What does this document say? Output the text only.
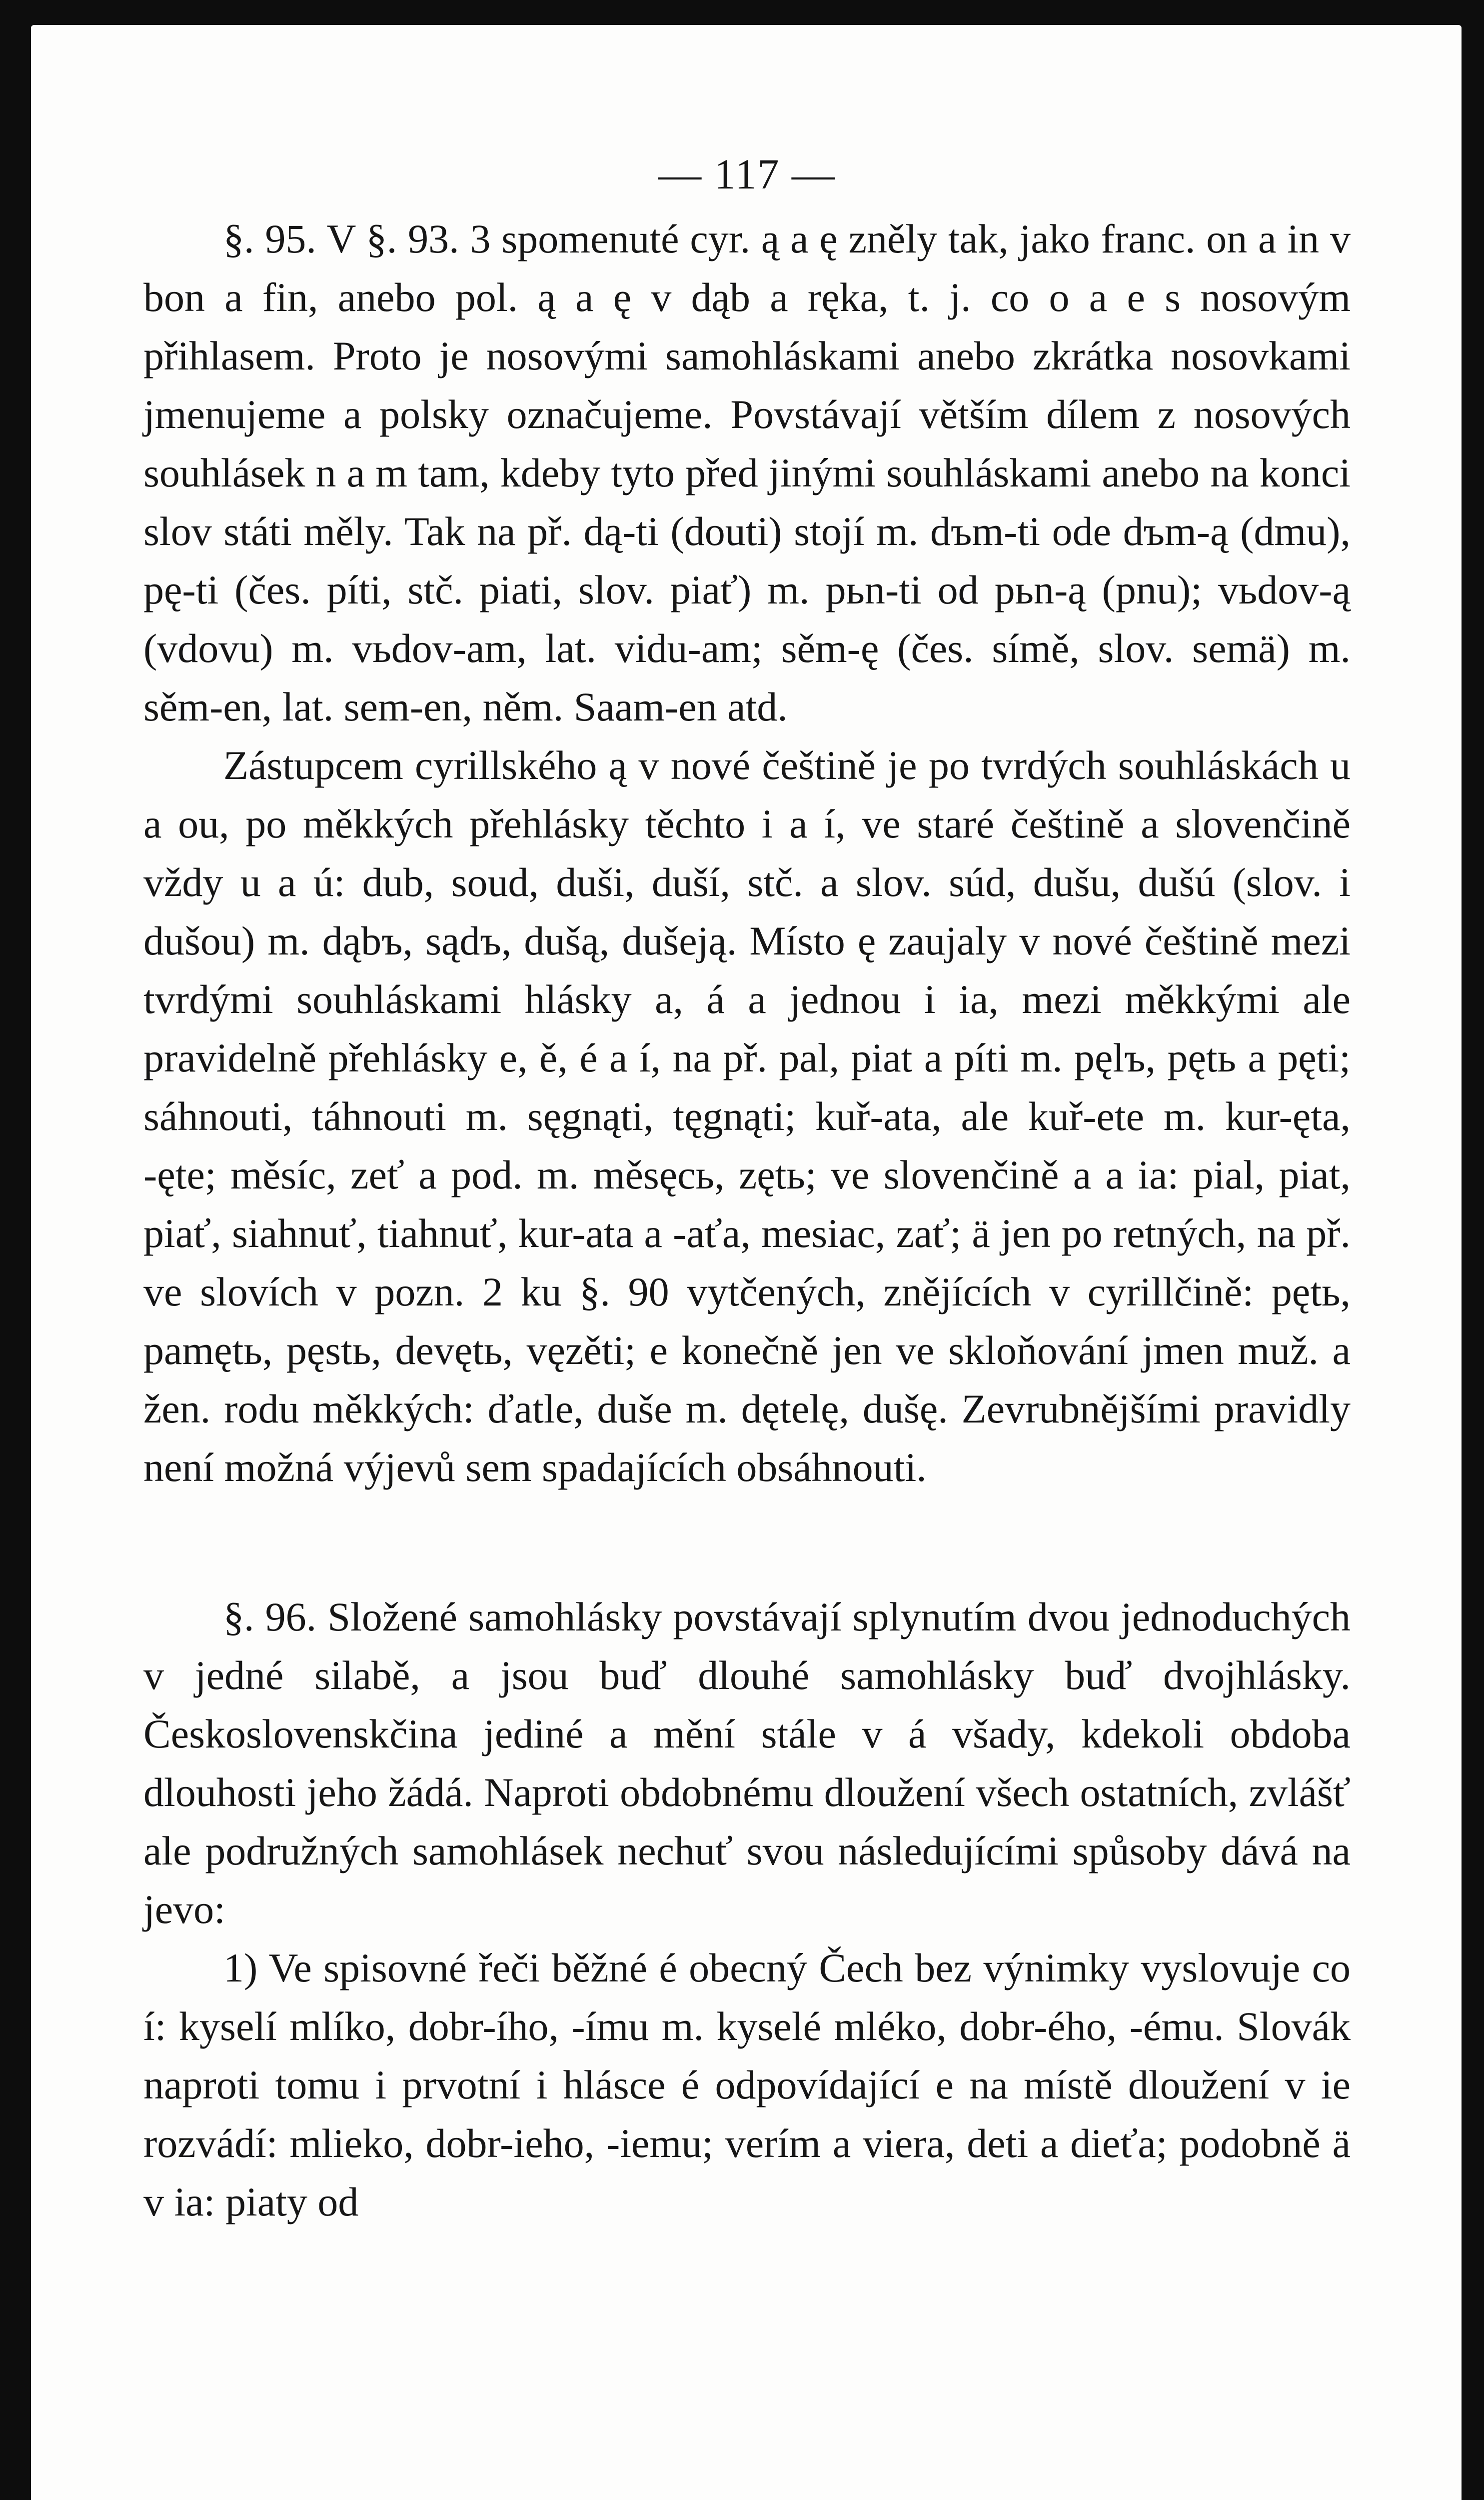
— 117 —

§. 95. V §. 93. 3 spomenuté cyr. ą a ę zněly tak, jako franc. on a in v bon a fin, anebo pol. ą a ę v dąb a ręka, t. j. co o a e s nosovým přihlasem. Proto je nosovými samohláskami anebo zkrátka nosovkami jmenujeme a polsky označujeme. Povstávají větším dílem z nosových souhlásek n a m tam, kdeby tyto před jinými souhláskami anebo na konci slov státi měly. Tak na př. dą-ti (douti) stojí m. dъm-ti ode dъm-ą (dmu), pę-ti (čes. píti, stč. piati, slov. piať) m. pьn-ti od pьn-ą (pnu); vьdov-ą (vdovu) m. vьdov-am, lat. vidu-am; sěm-ę (čes. símě, slov. semä) m. sěm-en, lat. sem-en, něm. Saam-en atd.

Zástupcem cyrillského ą v nové češtině je po tvrdých souhláskách u a ou, po měkkých přehlásky těchto i a í, ve staré češtině a slovenčině vždy u a ú: dub, soud, duši, duší, stč. a slov. súd, dušu, dušú (slov. i dušou) m. dąbъ, sądъ, dušą, dušeją. Místo ę zaujaly v nové češtině mezi tvrdými souhláskami hlásky a, á a jednou i ia, mezi měkkými ale pravidelně přehlásky e, ě, é a í, na př. pal, piat a píti m. pęlъ, pętь a pęti; sáhnouti, táhnouti m. sęgnąti, tęgnąti; kuř-ata, ale kuř-ete m. kur-ęta, -ęte; měsíc, zeť a pod. m. měsęcь, zętь; ve slovenčině a a ia: pial, piat, piať, siahnuť, tiahnuť, kur-ata a -aťa, mesiac, zať; ä jen po retných, na př. ve slovích v pozn. 2 ku §. 90 vytčených, znějících v cyrillčině: pętь, pamętь, pęstь, devętь, vęzěti; e konečně jen ve skloňování jmen muž. a žen. rodu měkkých: ďatle, duše m. dętelę, dušę. Zevrubnějšími pravidly není možná výjevů sem spadajících obsáhnouti.

§. 96. Složené samohlásky povstávají splynutím dvou jednoduchých v jedné silabě, a jsou buď dlouhé samohlásky buď dvojhlásky. Československčina jediné a mění stále v á všady, kdekoli obdoba dlouhosti jeho žádá. Naproti obdobnému dloužení všech ostatních, zvlášť ale podružných samohlásek nechuť svou následujícími spůsoby dává na jevo:

1) Ve spisovné řeči běžné é obecný Čech bez výnimky vyslovuje co í: kyselí mlíko, dobr-ího, -ímu m. kyselé mléko, dobr-ého, -ému. Slovák naproti tomu i prvotní i hlásce é odpovídající e na místě dloužení v ie rozvádí: mlieko, dobr-ieho, -iemu; verím a viera, deti a dieťa; podobně ä v ia: piaty od
